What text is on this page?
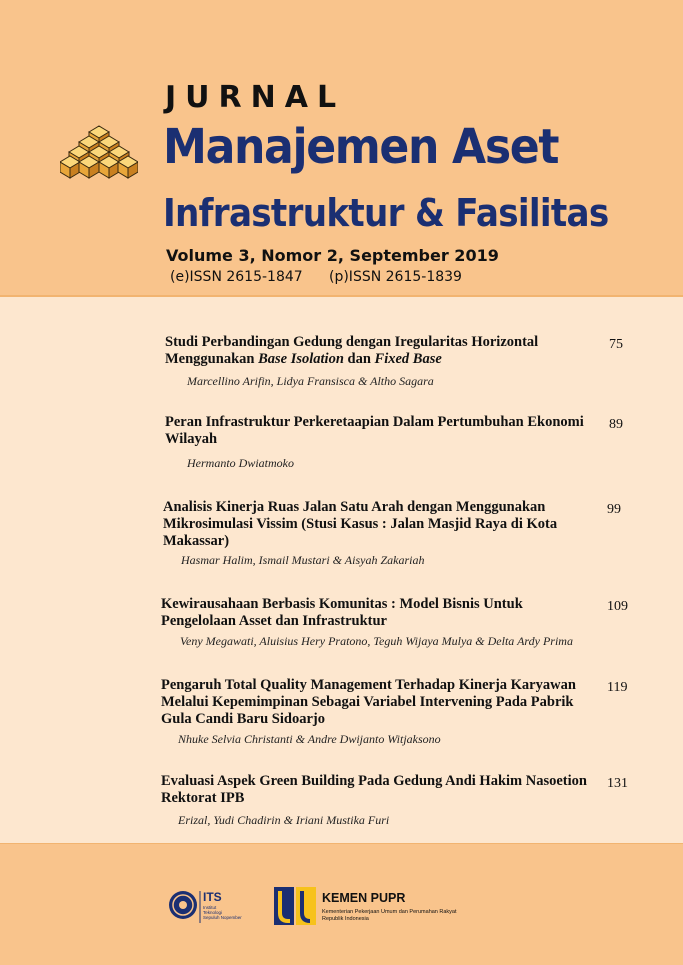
JURNAL
Manajemen Aset
Infrastruktur & Fasilitas
Volume 3, Nomor 2, September 2019
(e)ISSN 2615-1847 (p)ISSN 2615-1839
Studi Perbandingan Gedung dengan Iregularitas Horizontal Menggunakan Base Isolation dan Fixed Base
75
Marcellino Arifin, Lidya Fransisca & Altho Sagara
Peran Infrastruktur Perkeretaapian Dalam Pertumbuhan Ekonomi Wilayah
89
Hermanto Dwiatmoko
Analisis Kinerja Ruas Jalan Satu Arah dengan Menggunakan Mikrosimulasi Vissim (Stusi Kasus : Jalan Masjid Raya di Kota Makassar)
99
Hasmar Halim, Ismail Mustari & Aisyah Zakariah
Kewirausahaan Berbasis Komunitas : Model Bisnis Untuk Pengelolaan Asset dan Infrastruktur
109
Veny Megawati, Aluisius Hery Pratono, Teguh Wijaya Mulya & Delta Ardy Prima
Pengaruh Total Quality Management Terhadap Kinerja Karyawan Melalui Kepemimpinan Sebagai Variabel Intervening Pada Pabrik Gula Candi Baru Sidoarjo
119
Nhuke Selvia Christanti & Andre Dwijanto Witjaksono
Evaluasi Aspek Green Building Pada Gedung Andi Hakim Nasoetion Rektorat IPB
131
Erizal, Yudi Chadirin & Iriani Mustika Furi
ITS
Institut
Teknologi
Sepuluh Nopember
KEMEN PUPR
Kementerian Pekerjaan Umum dan Perumahan Rakyat
Republik Indonesia
